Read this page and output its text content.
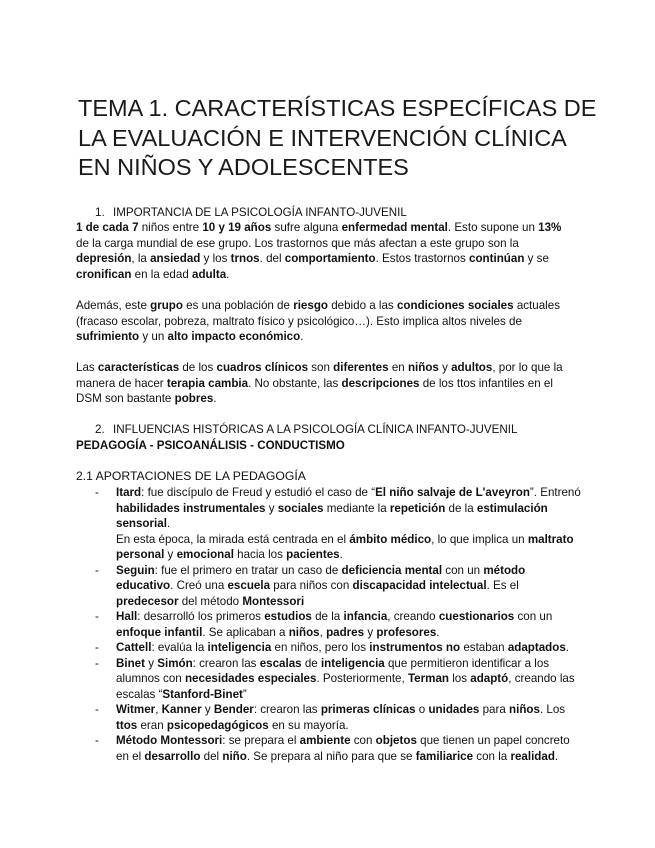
TEMA 1. CARACTERÍSTICAS ESPECÍFICAS DE LA EVALUACIÓN E INTERVENCIÓN CLÍNICA EN NIÑOS Y ADOLESCENTES
1. IMPORTANCIA DE LA PSICOLOGÍA INFANTO-JUVENIL

1 de cada 7 niños entre 10 y 19 años sufre alguna enfermedad mental. Esto supone un 13% de la carga mundial de ese grupo. Los trastornos que más afectan a este grupo son la depresión, la ansiedad y los trnos. del comportamiento. Estos trastornos continúan y se cronifican en la edad adulta.

Además, este grupo es una población de riesgo debido a las condiciones sociales actuales (fracaso escolar, pobreza, maltrato físico y psicológico…). Esto implica altos niveles de sufrimiento y un alto impacto económico.

Las características de los cuadros clínicos son diferentes en niños y adultos, por lo que la manera de hacer terapia cambia. No obstante, las descripciones de los ttos infantiles en el DSM son bastante pobres.

2. INFLUENCIAS HISTÓRICAS A LA PSICOLOGÍA CLÍNICA INFANTO-JUVENIL
PEDAGOGÍA - PSICOANÁLISIS - CONDUCTISMO
2.1 APORTACIONES DE LA PEDAGOGÍA
- Itard: fue discípulo de Freud y estudió el caso de “El niño salvaje de L'aveyron”. Entrenó habilidades instrumentales y sociales mediante la repetición de la estimulación sensorial.
En esta época, la mirada está centrada en el ámbito médico, lo que implica un maltrato personal y emocional hacia los pacientes.
- Seguin: fue el primero en tratar un caso de deficiencia mental con un método educativo. Creó una escuela para niños con discapacidad intelectual. Es el predecesor del método Montessori
- Hall: desarrolló los primeros estudios de la infancia, creando cuestionarios con un enfoque infantil. Se aplicaban a niños, padres y profesores.
- Cattell: evalúa la inteligencia en niños, pero los instrumentos no estaban adaptados.
- Binet y Simón: crearon las escalas de inteligencia que permitieron identificar a los alumnos con necesidades especiales. Posteriormente, Terman los adaptó, creando las escalas “Stanford-Binet”
- Witmer, Kanner y Bender: crearon las primeras clínicas o unidades para niños. Los ttos eran psicopedagógicos en su mayoría.
- Método Montessori: se prepara el ambiente con objetos que tienen un papel concreto en el desarrollo del niño. Se prepara al niño para que se familiarice con la realidad.
